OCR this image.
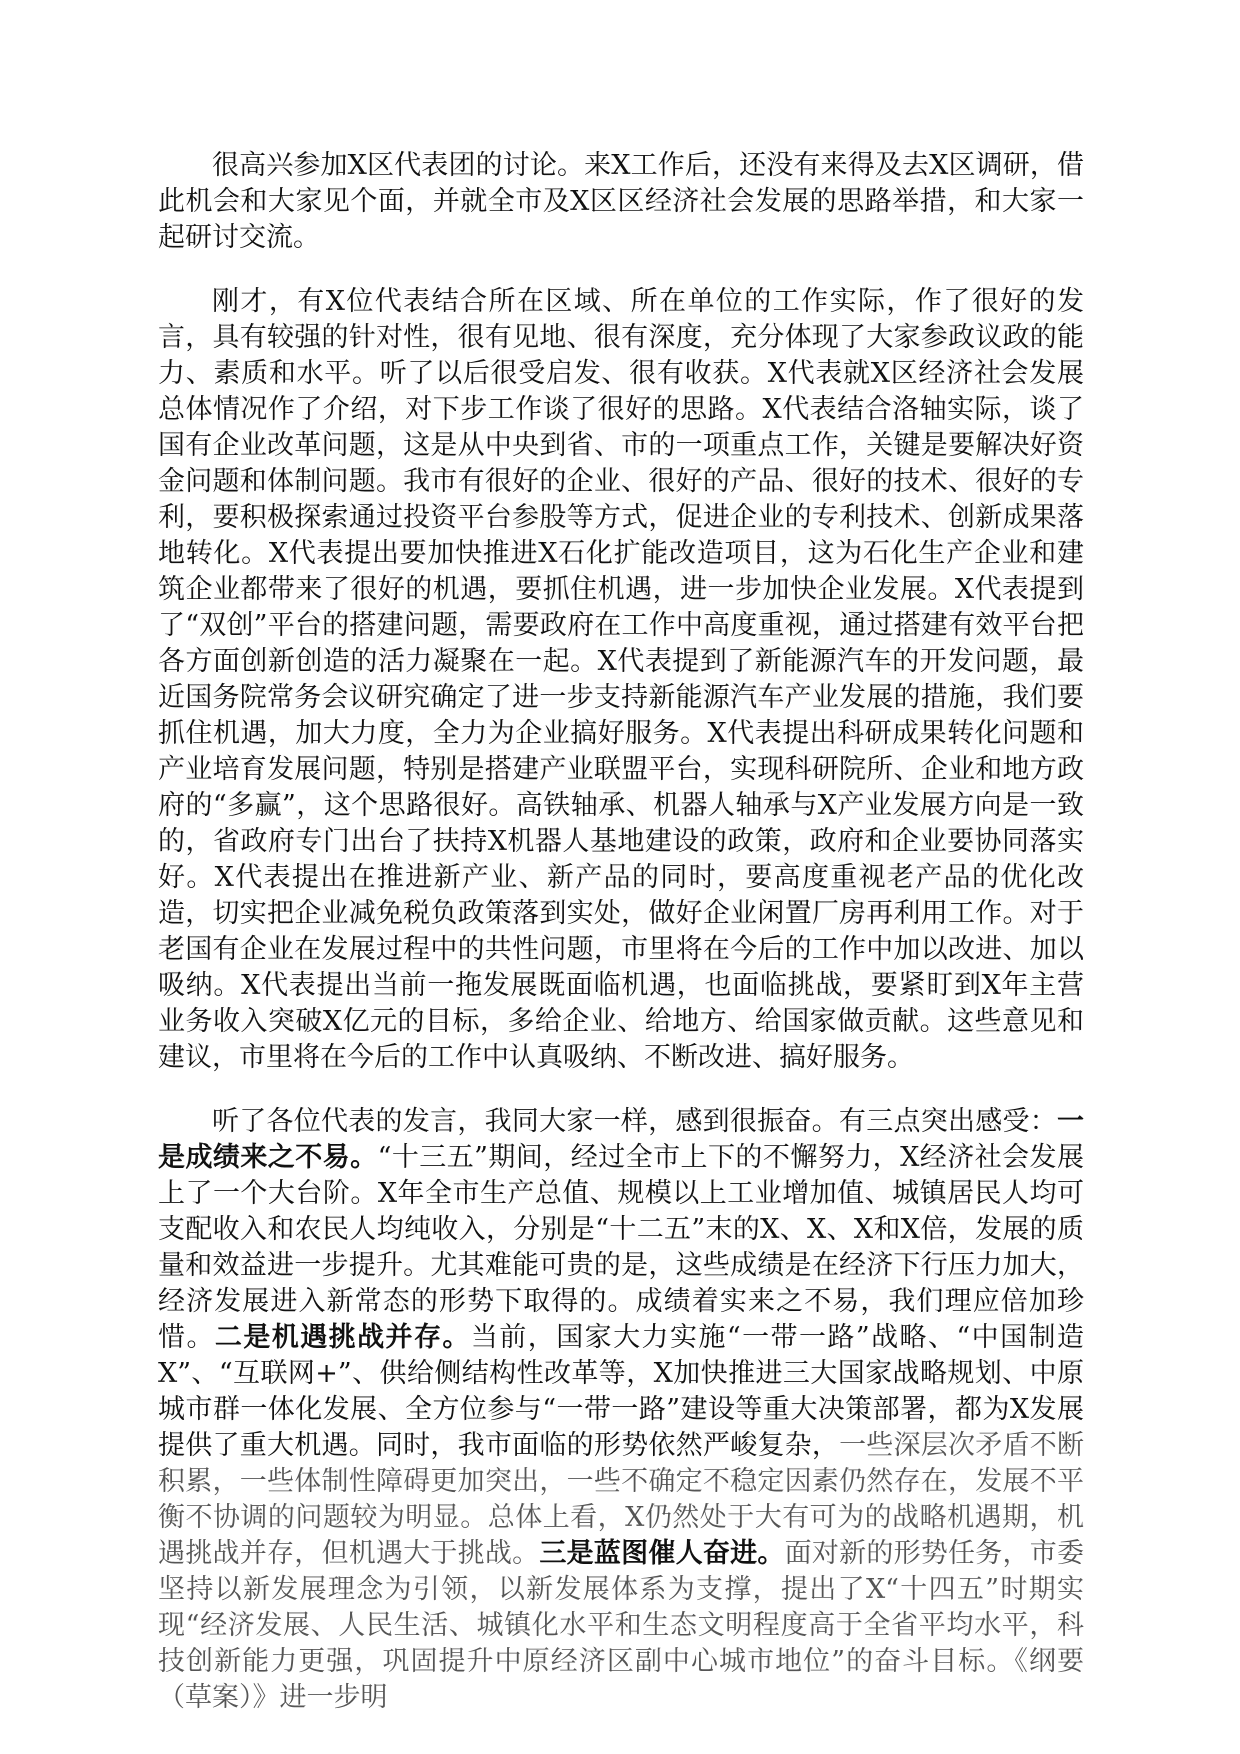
很高兴参加X区代表团的讨论。来X工作后，还没有来得及去X区调研，借此机会和大家见个面，并就全市及X区区经济社会发展的思路举措，和大家一起研讨交流。

刚才，有X位代表结合所在区域、所在单位的工作实际，作了很好的发言，具有较强的针对性，很有见地、很有深度，充分体现了大家参政议政的能力、素质和水平。听了以后很受启发、很有收获。X代表就X区经济社会发展总体情况作了介绍，对下步工作谈了很好的思路。X代表结合洛轴实际，谈了国有企业改革问题，这是从中央到省、市的一项重点工作，关键是要解决好资金问题和体制问题。我市有很好的企业、很好的产品、很好的技术、很好的专利，要积极探索通过投资平台参股等方式，促进企业的专利技术、创新成果落地转化。X代表提出要加快推进X石化扩能改造项目，这为石化生产企业和建筑企业都带来了很好的机遇，要抓住机遇，进一步加快企业发展。X代表提到了“双创”平台的搭建问题，需要政府在工作中高度重视，通过搭建有效平台把各方面创新创造的活力凝聚在一起。X代表提到了新能源汽车的开发问题，最近国务院常务会议研究确定了进一步支持新能源汽车产业发展的措施，我们要抓住机遇，加大力度，全力为企业搞好服务。X代表提出科研成果转化问题和产业培育发展问题，特别是搭建产业联盟平台，实现科研院所、企业和地方政府的“多赢”，这个思路很好。高铁轴承、机器人轴承与X产业发展方向是一致的，省政府专门出台了扶持X机器人基地建设的政策，政府和企业要协同落实好。X代表提出在推进新产业、新产品的同时，要高度重视老产品的优化改造，切实把企业减免税负政策落到实处，做好企业闲置厂房再利用工作。对于老国有企业在发展过程中的共性问题，市里将在今后的工作中加以改进、加以吸纳。X代表提出当前一拖发展既面临机遇，也面临挑战，要紧盯到X年主营业务收入突破X亿元的目标，多给企业、给地方、给国家做贡献。这些意见和建议，市里将在今后的工作中认真吸纳、不断改进、搞好服务。

听了各位代表的发言，我同大家一样，感到很振奋。有三点突出感受：一是成绩来之不易。“十三五”期间，经过全市上下的不懈努力，X经济社会发展上了一个大台阶。X年全市生产总值、规模以上工业增加值、城镇居民人均可支配收入和农民人均纯收入，分别是“十二五”末的X、X、X和X倍，发展的质量和效益进一步提升。尤其难能可贵的是，这些成绩是在经济下行压力加大，经济发展进入新常态的形势下取得的。成绩着实来之不易，我们理应倍加珍惜。二是机遇挑战并存。当前，国家大力实施“一带一路”战略、“中国制造X”、“互联网+”、供给侧结构性改革等，X加快推进三大国家战略规划、中原城市群一体化发展、全方位参与“一带一路”建设等重大决策部署，都为X发展提供了重大机遇。同时，我市面临的形势依然严峻复杂，一些深层次矛盾不断积累，一些体制性障碍更加突出，一些不确定不稳定因素仍然存在，发展不平衡不协调的问题较为明显。总体上看，X仍然处于大有可为的战略机遇期，机遇挑战并存，但机遇大于挑战。三是蓝图催人奋进。面对新的形势任务，市委坚持以新发展理念为引领，以新发展体系为支撑，提出了X“十四五”时期实现“经济发展、人民生活、城镇化水平和生态文明程度高于全省平均水平，科技创新能力更强，巩固提升中原经济区副中心城市地位”的奋斗目标。《纲要（草案）》进一步明
